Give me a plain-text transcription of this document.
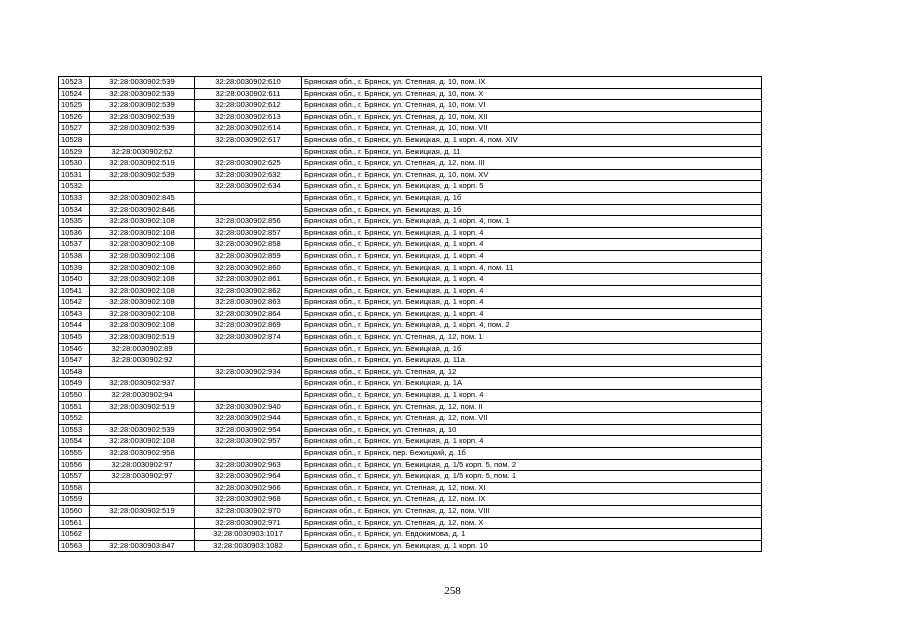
10523	32:28:0030902:539	32:28:0030902:610	Брянская обл., г. Брянск, ул. Степная, д. 10, пом. IX
10524	32:28:0030902:539	32:28:0030902:611	Брянская обл., г. Брянск, ул. Степная, д. 10, пом. X
10525	32:28:0030902:539	32:28:0030902:612	Брянская обл., г. Брянск, ул. Степная, д. 10, пом. VI
10526	32:28:0030902:539	32:28:0030902:613	Брянская обл., г. Брянск, ул. Степная, д. 10, пом. XII
10527	32:28:0030902:539	32:28:0030902:614	Брянская обл., г. Брянск, ул. Степная, д. 10, пом. VII
10528		32:28:0030902:617	Брянская обл., г. Брянск, ул. Бежицкая, д. 1 корп. 4, пом. XIV
10529	32:28:0030902:62		Брянская обл., г. Брянск, ул. Бежицкая, д. 11
10530	32:28:0030902:519	32:28:0030902:625	Брянская обл., г. Брянск, ул. Степная, д. 12, пом. III
10531	32:28:0030902:539	32:28:0030902:632	Брянская обл., г. Брянск, ул. Степная, д. 10, пом. XV
10532		32:28:0030902:634	Брянская обл., г. Брянск, ул. Бежицкая, д. 1 корп. 5
10533	32:28:0030902:845		Брянская обл., г. Брянск, ул. Бежицкая, д. 1б
10534	32:28:0030902:846		Брянская обл., г. Брянск, ул. Бежицкая, д. 1б
10535	32:28:0030902:108	32:28:0030902:856	Брянская обл., г. Брянск, ул. Бежицкая, д. 1 корп. 4, пом. 1
10536	32:28:0030902:108	32:28:0030902:857	Брянская обл., г. Брянск, ул. Бежицкая, д. 1 корп. 4
10537	32:28:0030902:108	32:28:0030902:858	Брянская обл., г. Брянск, ул. Бежицкая, д. 1 корп. 4
10538	32:28:0030902:108	32:28:0030902:859	Брянская обл., г. Брянск, ул. Бежицкая, д. 1 корп. 4
10539	32:28:0030902:108	32:28:0030902:860	Брянская обл., г. Брянск, ул. Бежицкая, д. 1 корп. 4, пом. 11
10540	32:28:0030902:108	32:28:0030902:861	Брянская обл., г. Брянск, ул. Бежицкая, д. 1 корп. 4
10541	32:28:0030902:108	32:28:0030902:862	Брянская обл., г. Брянск, ул. Бежицкая, д. 1 корп. 4
10542	32:28:0030902:108	32:28:0030902:863	Брянская обл., г. Брянск, ул. Бежицкая, д. 1 корп. 4
10543	32:28:0030902:108	32:28:0030902:864	Брянская обл., г. Брянск, ул. Бежицкая, д. 1 корп. 4
10544	32:28:0030902:108	32:28:0030902:869	Брянская обл., г. Брянск, ул. Бежицкая, д. 1 корп. 4, пом. 2
10545	32:28:0030902:519	32:28:0030902:874	Брянская обл., г. Брянск, ул. Степная, д. 12, пом. 1
10546	32:28:0030902:89		Брянская обл., г. Брянск, ул. Бежицкая, д. 1б
10547	32:28:0030902:92		Брянская обл., г. Брянск, ул. Бежицкая, д. 11а
10548		32:28:0030902:934	Брянская обл., г. Брянск, ул. Степная, д. 12
10549	32:28:0030902:937		Брянская обл., г. Брянск, ул. Бежицкая, д. 1А
10550	32:28:0030902:94		Брянская обл., г. Брянск, ул. Бежицкая, д. 1 корп. 4
10551	32:28:0030902:519	32:28:0030902:940	Брянская обл., г. Брянск, ул. Степная, д. 12, пом. II
10552		32:28:0030902:944	Брянская обл., г. Брянск, ул. Степная, д. 12, пом. VII
10553	32:28:0030902:539	32:28:0030902:954	Брянская обл., г. Брянск, ул. Степная, д. 10
10554	32:28:0030902:108	32:28:0030902:957	Брянская обл., г. Брянск, ул. Бежицкая, д. 1 корп. 4
10555	32:28:0030902:958		Брянская обл., г. Брянск, пер. Бежицкий, д. 1б
10556	32:28:0030902:97	32:28:0030902:963	Брянская обл., г. Брянск, ул. Бежицкая, д. 1/5 корп. 5, пом. 2
10557	32:28:0030902:97	32:28:0030902:964	Брянская обл., г. Брянск, ул. Бежицкая, д. 1/5 корп. 5, пом. 1
10558		32:28:0030902:966	Брянская обл., г. Брянск, ул. Степная, д. 12, пом. XI
10559		32:28:0030902:968	Брянская обл., г. Брянск, ул. Степная, д. 12, пом. IX
10560	32:28:0030902:519	32:28:0030902:970	Брянская обл., г. Брянск, ул. Степная, д. 12, пом. VIII
10561		32:28:0030902:971	Брянская обл., г. Брянск, ул. Степная, д. 12, пом. X
10562		32:28:0030903:1017	Брянская обл., г. Брянск, ул. Евдокимова, д. 1
10563	32:28:0030903:847	32:28:0030903:1082	Брянская обл., г. Брянск, ул. Бежицкая, д. 1 корп. 10
258
